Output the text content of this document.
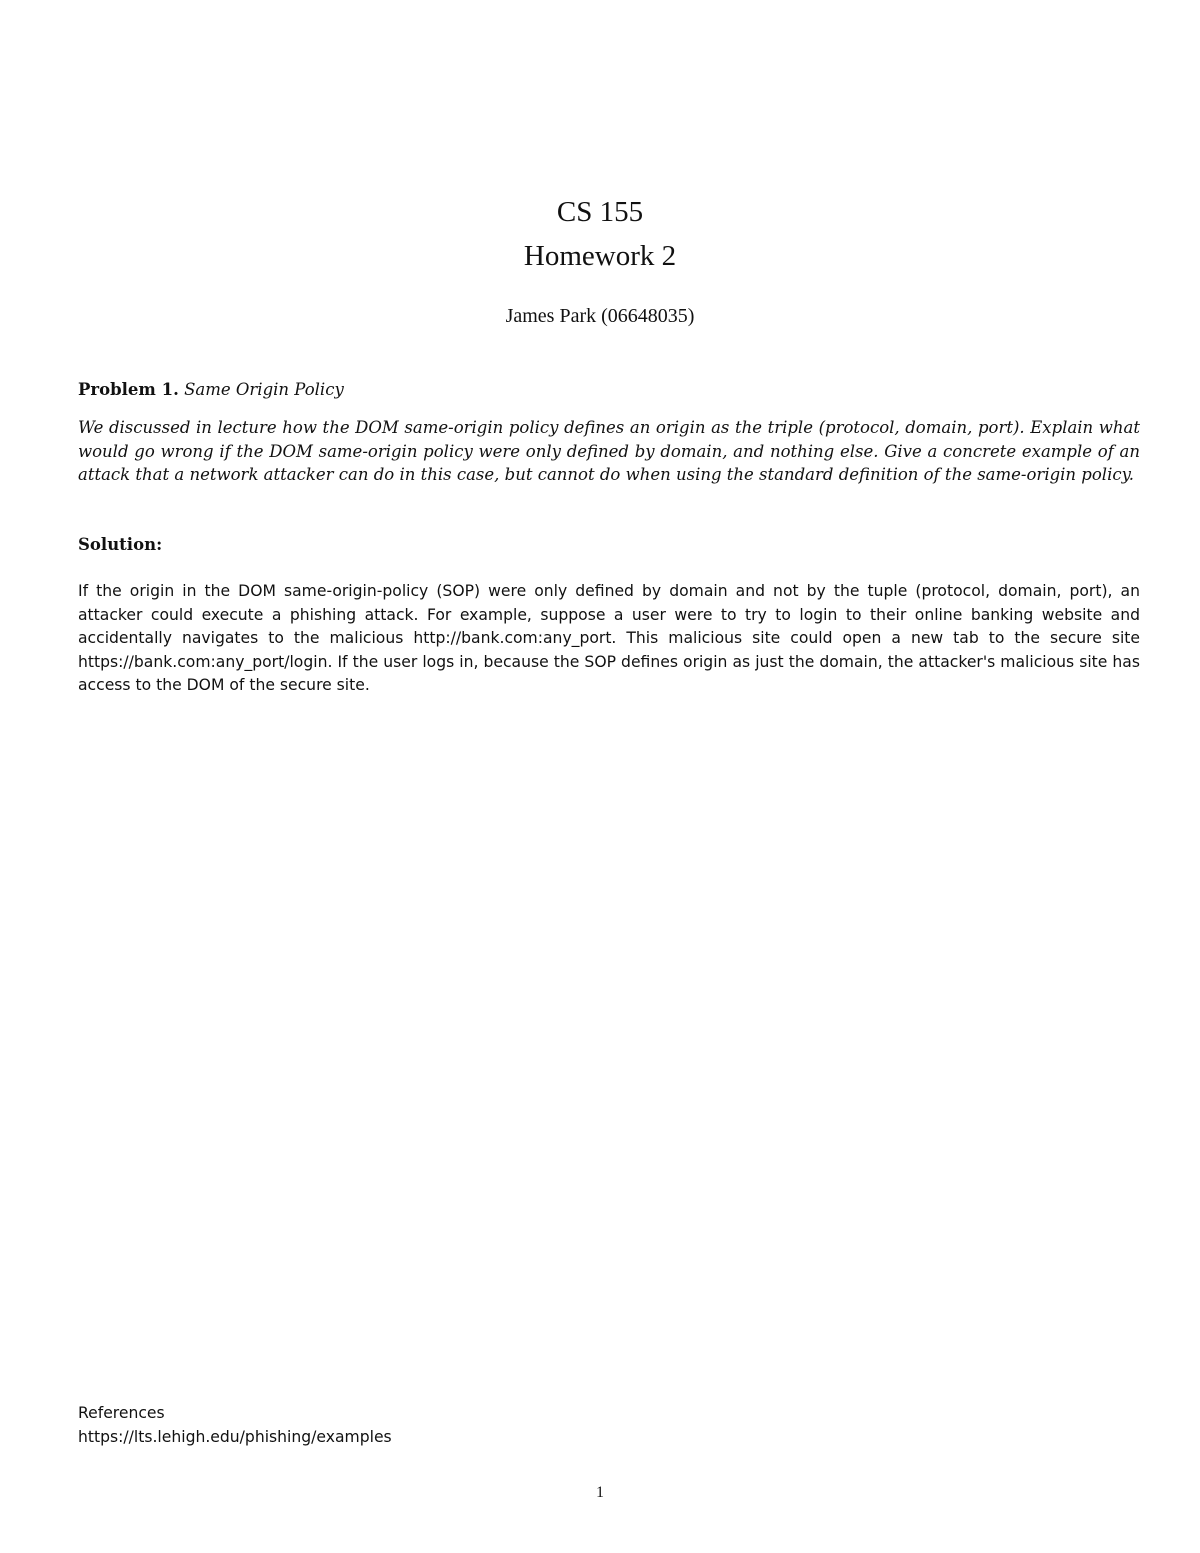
CS 155
Homework 2
James Park (06648035)
Problem 1. Same Origin Policy
We discussed in lecture how the DOM same-origin policy defines an origin as the triple (protocol, domain, port). Explain what would go wrong if the DOM same-origin policy were only defined by domain, and nothing else. Give a concrete example of an attack that a network attacker can do in this case, but cannot do when using the standard definition of the same-origin policy.
Solution:
If the origin in the DOM same-origin-policy (SOP) were only defined by domain and not by the tuple (protocol, domain, port), an attacker could execute a phishing attack. For example, suppose a user were to try to login to their online banking website and accidentally navigates to the malicious http://bank.com:any_port. This malicious site could open a new tab to the secure site https://bank.com:any_port/login. If the user logs in, because the SOP defines origin as just the domain, the attacker's malicious site has access to the DOM of the secure site.
References
https://lts.lehigh.edu/phishing/examples
1
